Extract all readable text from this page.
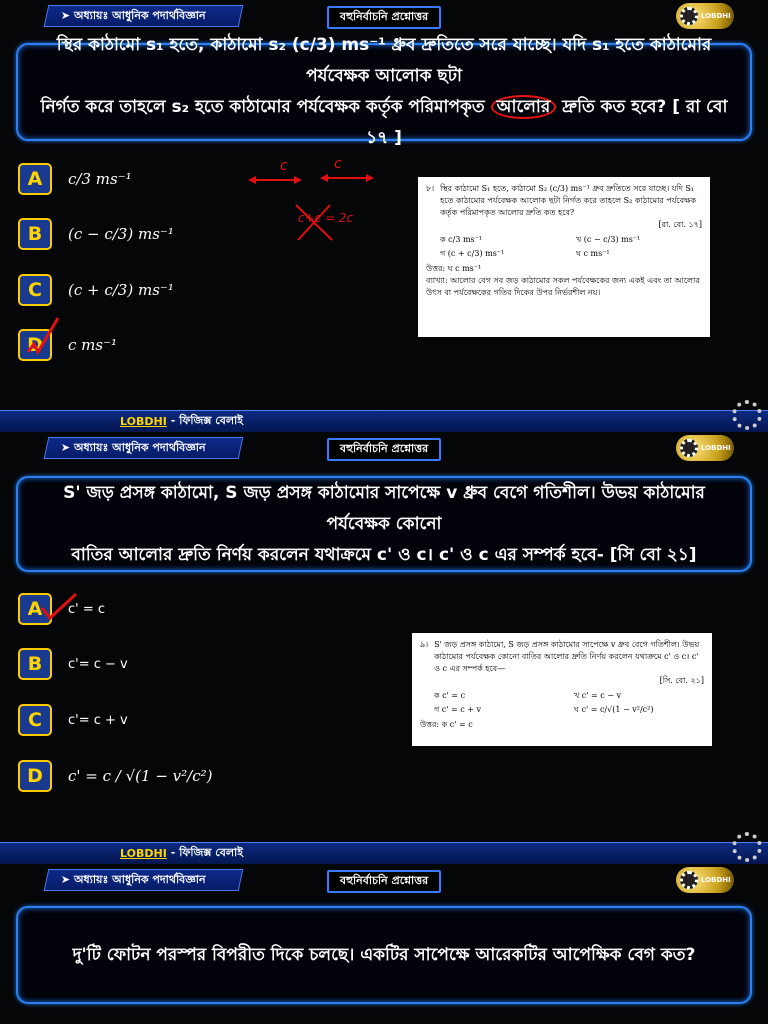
➤ অধ্যায়ঃ আধুনিক পদার্থবিজ্ঞান	বহুনির্বাচনি প্রশ্নোত্তর	LOBDHI
স্থির কাঠামো s₁ হতে, কাঠামো s₂ (c/3) ms⁻¹ ধ্রুব দ্রুতিতে সরে যাচ্ছে। যদি s₁ হতে কাঠামোর পর্যবেক্ষক আলোক ছটা
নির্গত করে তাহলে s₂ হতে কাঠামোর পর্যবেক্ষক কর্তৃক পরিমাপকৃত আলোর দ্রুতি কত হবে? [ রা বো ১৭ ]
A	c/3 ms⁻¹
B	(c − c/3) ms⁻¹
C	(c + c/3) ms⁻¹
D	c ms⁻¹
c	c
c+c = 2c
৮। স্থির কাঠামো S₁ হতে, কাঠামো S₂ (c/3) ms⁻¹ ধ্রুব দ্রুতিতে সরে যাচ্ছে। যদি S₁ হতে কাঠামোর পর্যবেক্ষক আলোক ছটা নির্গত করে তাহলে S₂ কাঠামোর পর্যবেক্ষক কর্তৃক পরিমাপকৃত আলোর দ্রুতি কত হবে?
[রা. বো. ১৭]
ক c/3 ms⁻¹	খ (c − c/3) ms⁻¹
গ (c + c/3) ms⁻¹	ঘ c ms⁻¹
উত্তর: ঘ c ms⁻¹
ব্যাখ্যা: আলোর বেগ সব জড় কাঠামোর সকল পর্যবেক্ষকের জন্য একই এবং তা আলোর উৎস বা পর্যবেক্ষকের গতির দিকের উপর নির্ভরশীল নয়।
LOBDHI - ফিজিক্স বেলাই
➤ অধ্যায়ঃ আধুনিক পদার্থবিজ্ঞান	বহুনির্বাচনি প্রশ্নোত্তর	LOBDHI
S' জড় প্রসঙ্গ কাঠামো, S জড় প্রসঙ্গ কাঠামোর সাপেক্ষে v ধ্রুব বেগে গতিশীল। উভয় কাঠামোর পর্যবেক্ষক কোনো
বাতির আলোর দ্রুতি নির্ণয় করলেন যথাক্রমে c' ও c। c' ও c এর সম্পর্ক হবে- [সি বো ২১]
A	c' = c
B	c'= c − v
C	c'= c + v
D	c' = c / √(1 − v²/c²)
৯। S' জড় প্রসঙ্গ কাঠামো, S জড় প্রসঙ্গ কাঠামোর সাপেক্ষে v ধ্রুব বেগে গতিশীল। উভয় কাঠামোর পর্যবেক্ষক কোনো বাতির আলোর দ্রুতি নির্ণয় করলেন যথাক্রমে c' ও c। c' ও c এর সম্পর্ক হবে—
[সি. বো. ২১]
ক c' = c	খ c' = c − v
গ c' = c + v	ঘ c' = c/√(1 − v²/c²)
উত্তর: ক c' = c
LOBDHI - ফিজিক্স বেলাই
➤ অধ্যায়ঃ আধুনিক পদার্থবিজ্ঞান	বহুনির্বাচনি প্রশ্নোত্তর	LOBDHI
দু'টি ফোটন পরস্পর বিপরীত দিকে চলছে। একটির সাপেক্ষে আরেকটির আপেক্ষিক বেগ কত?
